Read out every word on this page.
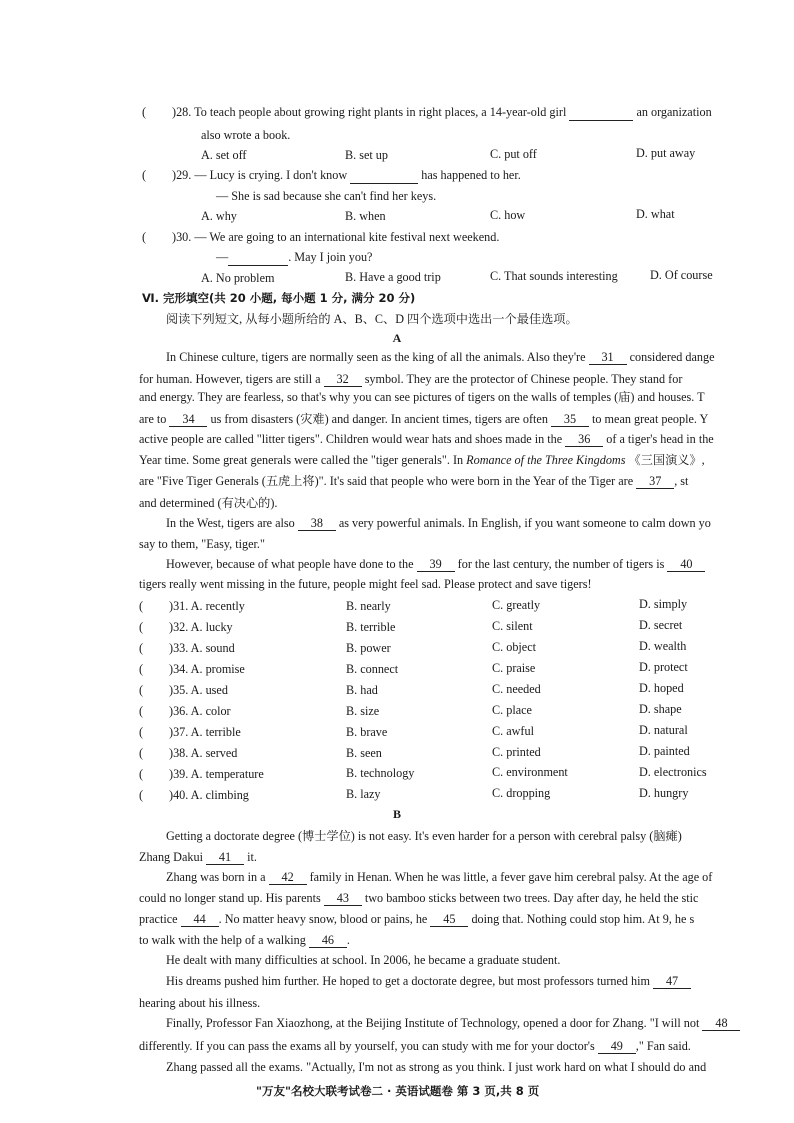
( )28. To teach people about growing right plants in right places, a 14-year-old girl	an organization
also wrote a book.
A. set off	B. set up	C. put off	D. put away
( )29. — Lucy is crying. I don't know	has happened to her.
— She is sad because she can't find her keys.
A. why	B. when	C. how	D. what
( )30. — We are going to an international kite festival next weekend.
—	. May I join you?
A. No problem	B. Have a good trip	C. That sounds interesting	D. Of course
Ⅵ. 完形填空(共 20 小题, 每小题 1 分, 满分 20 分)
阅读下列短文, 从每小题所给的 A、B、C、D 四个选项中选出一个最佳选项。
A
In Chinese culture, tigers are normally seen as the king of all the animals. Also they're 31 considered dange
for human. However, tigers are still a 32 symbol. They are the protector of Chinese people. They stand for
and energy. They are fearless, so that's why you can see pictures of tigers on the walls of temples (庙) and houses. T
are to 34 us from disasters (灾难) and danger. In ancient times, tigers are often 35 to mean great people. Y
active people are called "litter tigers". Children would wear hats and shoes made in the 36 of a tiger's head in the
Year time. Some great generals were called the "tiger generals". In Romance of the Three Kingdoms 《三国演义》,
are "Five Tiger Generals (五虎上将)". It's said that people who were born in the Year of the Tiger are 37 , st
and determined (有决心的).
In the West, tigers are also 38 as very powerful animals. In English, if you want someone to calm down yo
say to them, "Easy, tiger."
However, because of what people have done to the 39 for the last century, the number of tigers is 40
tigers really went missing in the future, people might feel sad. Please protect and save tigers!
( )31. A. recently	B. nearly	C. greatly	D. simply
( )32. A. lucky	B. terrible	C. silent	D. secret
( )33. A. sound	B. power	C. object	D. wealth
( )34. A. promise	B. connect	C. praise	D. protect
( )35. A. used	B. had	C. needed	D. hoped
( )36. A. color	B. size	C. place	D. shape
( )37. A. terrible	B. brave	C. awful	D. natural
( )38. A. served	B. seen	C. printed	D. painted
( )39. A. temperature	B. technology	C. environment	D. electronics
( )40. A. climbing	B. lazy	C. dropping	D. hungry
B
Getting a doctorate degree (博士学位) is not easy. It's even harder for a person with cerebral palsy (脑瘫)
Zhang Dakui 41 it.
Zhang was born in a 42 family in Henan. When he was little, a fever gave him cerebral palsy. At the age of
could no longer stand up. His parents 43 two bamboo sticks between two trees. Day after day, he held the stic
practice 44 . No matter heavy snow, blood or pains, he 45 doing that. Nothing could stop him. At 9, he s
to walk with the help of a walking 46 .
He dealt with many difficulties at school. In 2006, he became a graduate student.
His dreams pushed him further. He hoped to get a doctorate degree, but most professors turned him 47
hearing about his illness.
Finally, Professor Fan Xiaozhong, at the Beijing Institute of Technology, opened a door for Zhang. "I will not 48
differently. If you can pass the exams all by yourself, you can study with me for your doctor's 49 ," Fan said.
Zhang passed all the exams. "Actually, I'm not as strong as you think. I just work hard on what I should do and
"万友"名校大联考试卷二 · 英语试题卷 第 3 页,共 8 页
